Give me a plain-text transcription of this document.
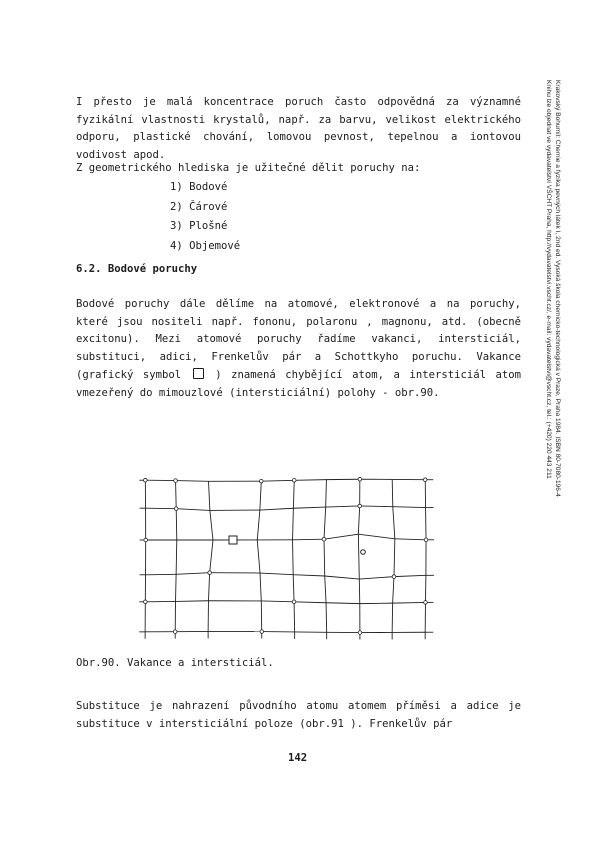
Krakovský Bohumil: Chemie a fyzika pevných látek I, 2nd ed. Vysoká škola chemicko-technologická v Praze, Praha 1984. ISBN 80-7080-196-4
Knihu lze objednat ve vydavatelství VŠCHT Praha, http://vydavatelstvi.vscht.cz/, e-mail: vydavatelstvi@vscht.cz, tel.: (+420) 220 443 211
I přesto je malá koncentrace poruch často odpovědná za významné fyzikální vlastnosti krystalů, např. za barvu, velikost elektrického odporu, plastické chování, lomovou pevnost, tepelnou a iontovou vodivost apod.
Z geometrického hlediska je užitečné dělit poruchy na:
1) Bodové
2) Čárové
3) Plošné
4) Objemové
6.2. Bodové poruchy
Bodové poruchy dále dělíme na atomové, elektronové a na poruchy, které jsou nositeli např. fononu, polaronu , magnonu, atd. (obecně excitonu). Mezi atomové poruchy řadíme vakanci, intersticiál, substituci, adici, Frenkelův pár a Schottkyho poruchu. Vakance (grafický symbol	) znamená chybějící atom, a intersticiál atom vmezeřený do mimouzlové (intersticiální) polohy - obr.90.
Obr.90. Vakance a intersticiál.
Substituce je nahrazení původního atomu atomem příměsi a adice je substituce v intersticiální poloze (obr.91 ). Frenkelův pár
142
